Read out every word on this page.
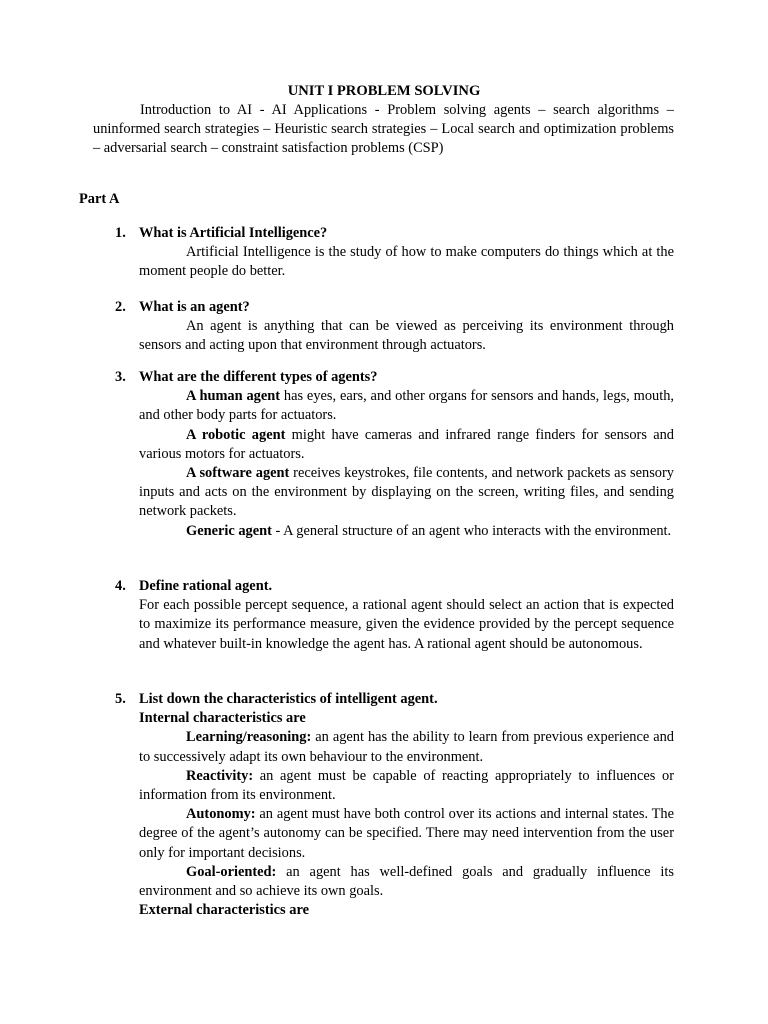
UNIT I PROBLEM SOLVING

Introduction to AI - AI Applications - Problem solving agents – search algorithms – uninformed search strategies – Heuristic search strategies – Local search and optimization problems – adversarial search – constraint satisfaction problems (CSP)

Part A

1. What is Artificial Intelligence?

Artificial Intelligence is the study of how to make computers do things which at the moment people do better.

2. What is an agent?

An agent is anything that can be viewed as perceiving its environment through sensors and acting upon that environment through actuators.

3. What are the different types of agents?

A human agent has eyes, ears, and other organs for sensors and hands, legs, mouth, and other body parts for actuators.

A robotic agent might have cameras and infrared range finders for sensors and various motors for actuators.

A software agent receives keystrokes, file contents, and network packets as sensory inputs and acts on the environment by displaying on the screen, writing files, and sending network packets.

Generic agent - A general structure of an agent who interacts with the environment.

4. Define rational agent.

For each possible percept sequence, a rational agent should select an action that is expected to maximize its performance measure, given the evidence provided by the percept sequence and whatever built-in knowledge the agent has. A rational agent should be autonomous.

5. List down the characteristics of intelligent agent.

Internal characteristics are

Learning/reasoning: an agent has the ability to learn from previous experience and to successively adapt its own behaviour to the environment.

Reactivity: an agent must be capable of reacting appropriately to influences or information from its environment.

Autonomy: an agent must have both control over its actions and internal states. The degree of the agent’s autonomy can be specified. There may need intervention from the user only for important decisions.

Goal-oriented: an agent has well-defined goals and gradually influence its environment and so achieve its own goals.

External characteristics are
